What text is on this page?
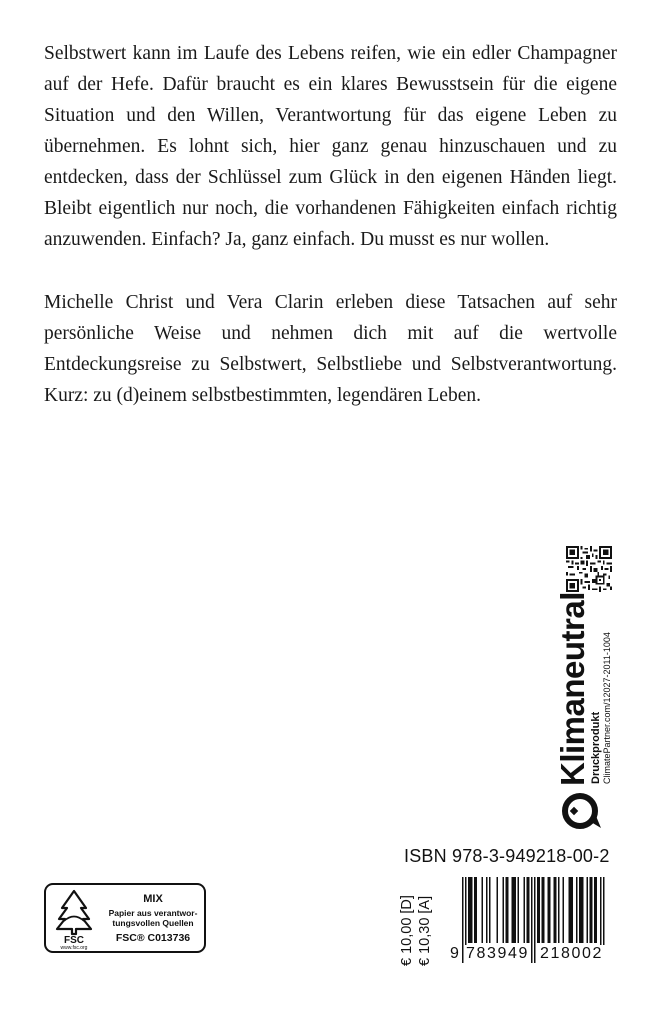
Selbstwert kann im Laufe des Lebens reifen, wie ein edler Champagner auf der Hefe. Dafür braucht es ein klares Bewusstsein für die eigene Situation und den Willen, Verantwortung für das eigene Leben zu übernehmen. Es lohnt sich, hier ganz genau hinzuschauen und zu entdecken, dass der Schlüssel zum Glück in den eigenen Händen liegt. Bleibt eigentlich nur noch, die vorhandenen Fähigkeiten einfach richtig anzuwenden. Einfach? Ja, ganz einfach. Du musst es nur wollen.

Michelle Christ und Vera Clarin erleben diese Tatsachen auf sehr persönliche Weise und nehmen dich mit auf die wertvolle Entdeckungsreise zu Selbstwert, Selbstliebe und Selbstverantwortung. Kurz: zu (d)einem selbstbestimmten, legendären Leben.

Klimaneutral Druckprodukt ClimatePartner.com/12027-2011-1004
ISBN 978-3-949218-00-2
€ 10,00 [D] € 10,30 [A] 9 783949 218002
FSC
www.fsc.org
MIX
Papier aus verantwor-
tungsvollen Quellen
FSC® C013736
